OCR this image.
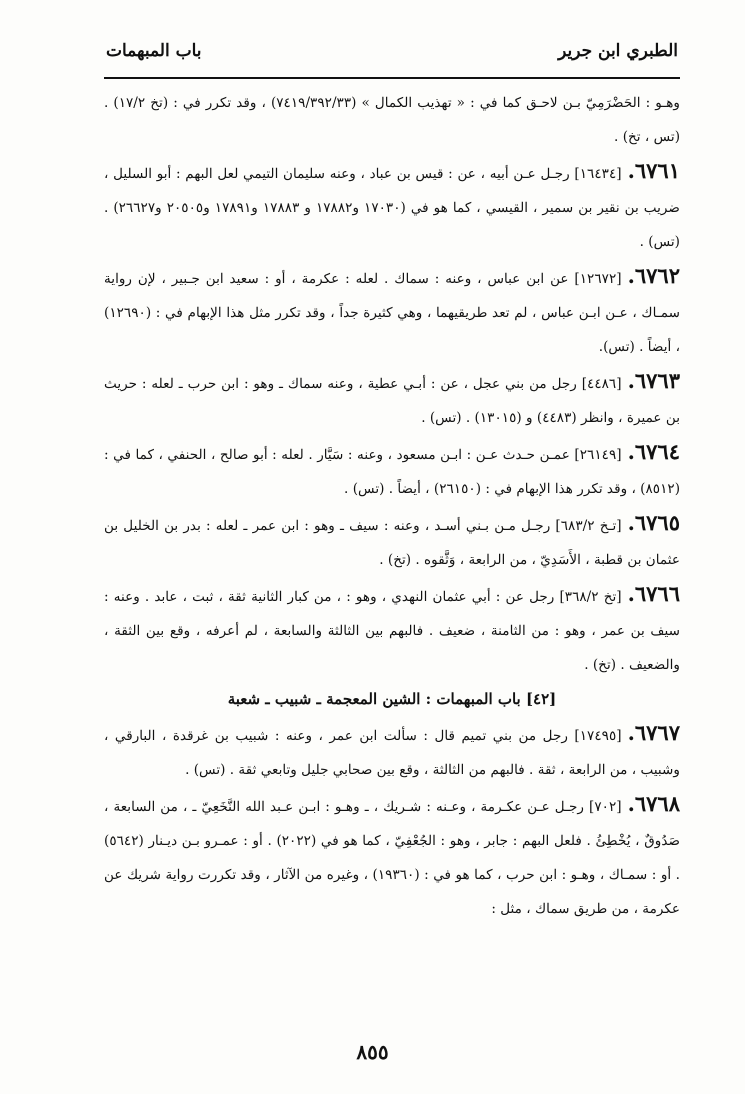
الطبري ابن جرير
باب المبهمات

وهـو : الحَضْرَمِيّ بـن لاحـق كما في : « تهذيب الكمال » (٧٤١٩/٣٩٢/٣٣) ، وقد تكرر في : (تخ ١٧/٢) . (تس ، تخ) .

٦٧٦١.[١٦٤٣٤] رجـل عـن أبيه ، عن : قيس بن عباد ، وعنه سليمان التيمي لعل البهم : أبو السليل ، ضريب بن نقير بن سمير ، القيسي ، كما هو في (١٧٠٣٠ و١٧٨٨٢ و ١٧٨٨٣ و١٧٨٩١ و٢٠٥٠٥ و٢٦٦٢٧) . (تس) .

٦٧٦٢.[١٢٦٧٢] عن ابن عباس ، وعنه : سماك . لعله : عكرمة ، أو : سعيد ابن جـبير ، لإن رواية سمـاك ، عـن ابـن عباس ، لم تعد طريقيهما ، وهي كثيرة جداً ، وقد تكرر مثل هذا الإبهام في : (١٢٦٩٠) ، أيضاً . (تس).

٦٧٦٣.[٤٤٨٦] رجل من بني عجل ، عن : أبـي عطية ، وعنه سماك ـ وهو : ابن حرب ـ لعله : حريث بن عميرة ، وانظر (٤٤٨٣) و (١٣٠١٥) . (تس) .

٦٧٦٤.[٢٦١٤٩] عمـن حـدث عـن : ابـن مسعود ، وعنه : سَيَّار . لعله : أبو صالح ، الحنفي ، كما في : (٨٥١٢) ، وقد تكرر هذا الإبهام في : (٢٦١٥٠) ، أيضاً . (تس) .

٦٧٦٥.[تـخ ٦٨٣/٢] رجـل مـن بـني أسـد ، وعنه : سيف ـ وهو : ابن عمر ـ لعله : بدر بن الخليل بن عثمان بن قطبة ، الأَسَدِيّ ، من الرابعة ، وَثَّقوه . (تخ) .

٦٧٦٦.[تخ ٣٦٨/٢] رجل عن : أبي عثمان النهدي ، وهو : ، من كبار الثانية ثقة ، ثبت ، عابد . وعنه : سيف بن عمر ، وهو : من الثامنة ، ضعيف . فالبهم بين الثالثة والسابعة ، لم أعرفه ، وقع بين الثقة ، والضعيف . (تخ) .

[٤٢] باب المبهمات : الشين المعجمة ـ شبيب ـ شعبة

٦٧٦٧.[١٧٤٩٥] رجل من بني تميم قال : سألت ابن عمر ، وعنه : شبيب بن غرقدة ، البارقي ، وشبيب ، من الرابعة ، ثقة . فالبهم من الثالثة ، وقع بين صحابي جليل وتابعي ثقة . (تس) .

٦٧٦٨.[٧٠٢] رجـل عـن عكـرمة ، وعـنه : شـريك ، ـ وهـو : ابـن عـبد الله النَّخَعِيّ ـ ، من السابعة ، صَدُوقٌ ، يُخْطِئُ . فلعل البهم : جابر ، وهو : الجُعْفِيّ ، كما هو في (٢٠٢٢) . أو : عمـرو بـن ديـنار (٥٦٤٢) . أو : سمـاك ، وهـو : ابن حرب ، كما هو في : (١٩٣٦٠) ، وغيره من الآثار ، وقد تكررت رواية شريك عن عكرمة ، من طريق سماك ، مثل :

٨٥٥
